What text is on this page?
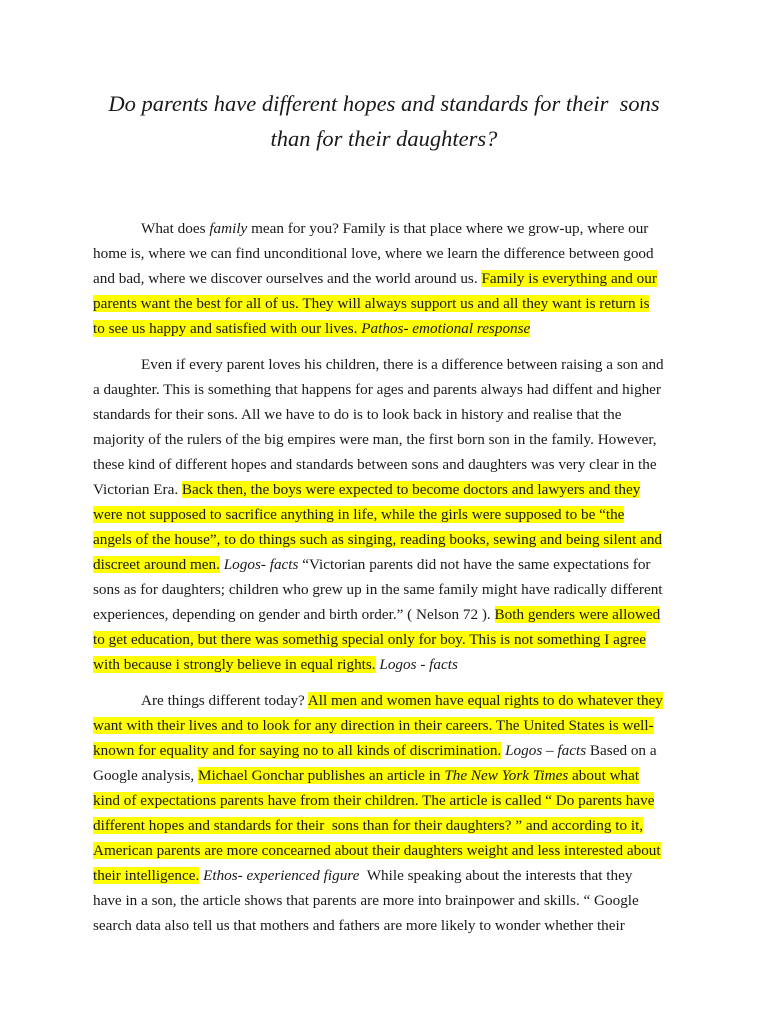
Do parents have different hopes and standards for their  sons
than for their daughters?
What does family mean for you? Family is that place where we grow-up, where our
home is, where we can find unconditional love, where we learn the difference between good
and bad, where we discover ourselves and the world around us. Family is everything and our
parents want the best for all of us. They will always support us and all they want is return is
to see us happy and satisfied with our lives. Pathos- emotional response
Even if every parent loves his children, there is a difference between raising a son and
a daughter. This is something that happens for ages and parents always had diffent and higher
standards for their sons. All we have to do is to look back in history and realise that the
majority of the rulers of the big empires were man, the first born son in the family. However,
these kind of different hopes and standards between sons and daughters was very clear in the
Victorian Era. Back then, the boys were expected to become doctors and lawyers and they
were not supposed to sacrifice anything in life, while the girls were supposed to be “the
angels of the house”, to do things such as singing, reading books, sewing and being silent and
discreet around men. Logos- facts “Victorian parents did not have the same expectations for
sons as for daughters; children who grew up in the same family might have radically different
experiences, depending on gender and birth order.” ( Nelson 72 ). Both genders were allowed
to get education, but there was somethig special only for boy. This is not something I agree
with because i strongly believe in equal rights. Logos - facts
Are things different today? All men and women have equal rights to do whatever they
want with their lives and to look for any direction in their careers. The United States is well-
known for equality and for saying no to all kinds of discrimination. Logos – facts Based on a
Google analysis, Michael Gonchar publishes an article in The New York Times about what
kind of expectations parents have from their children. The article is called “ Do parents have
different hopes and standards for their  sons than for their daughters? ” and according to it,
American parents are more concearned about their daughters weight and less interested about
their intelligence. Ethos- experienced figure  While speaking about the interests that they
have in a son, the article shows that parents are more into brainpower and skills. “ Google
search data also tell us that mothers and fathers are more likely to wonder whether their
